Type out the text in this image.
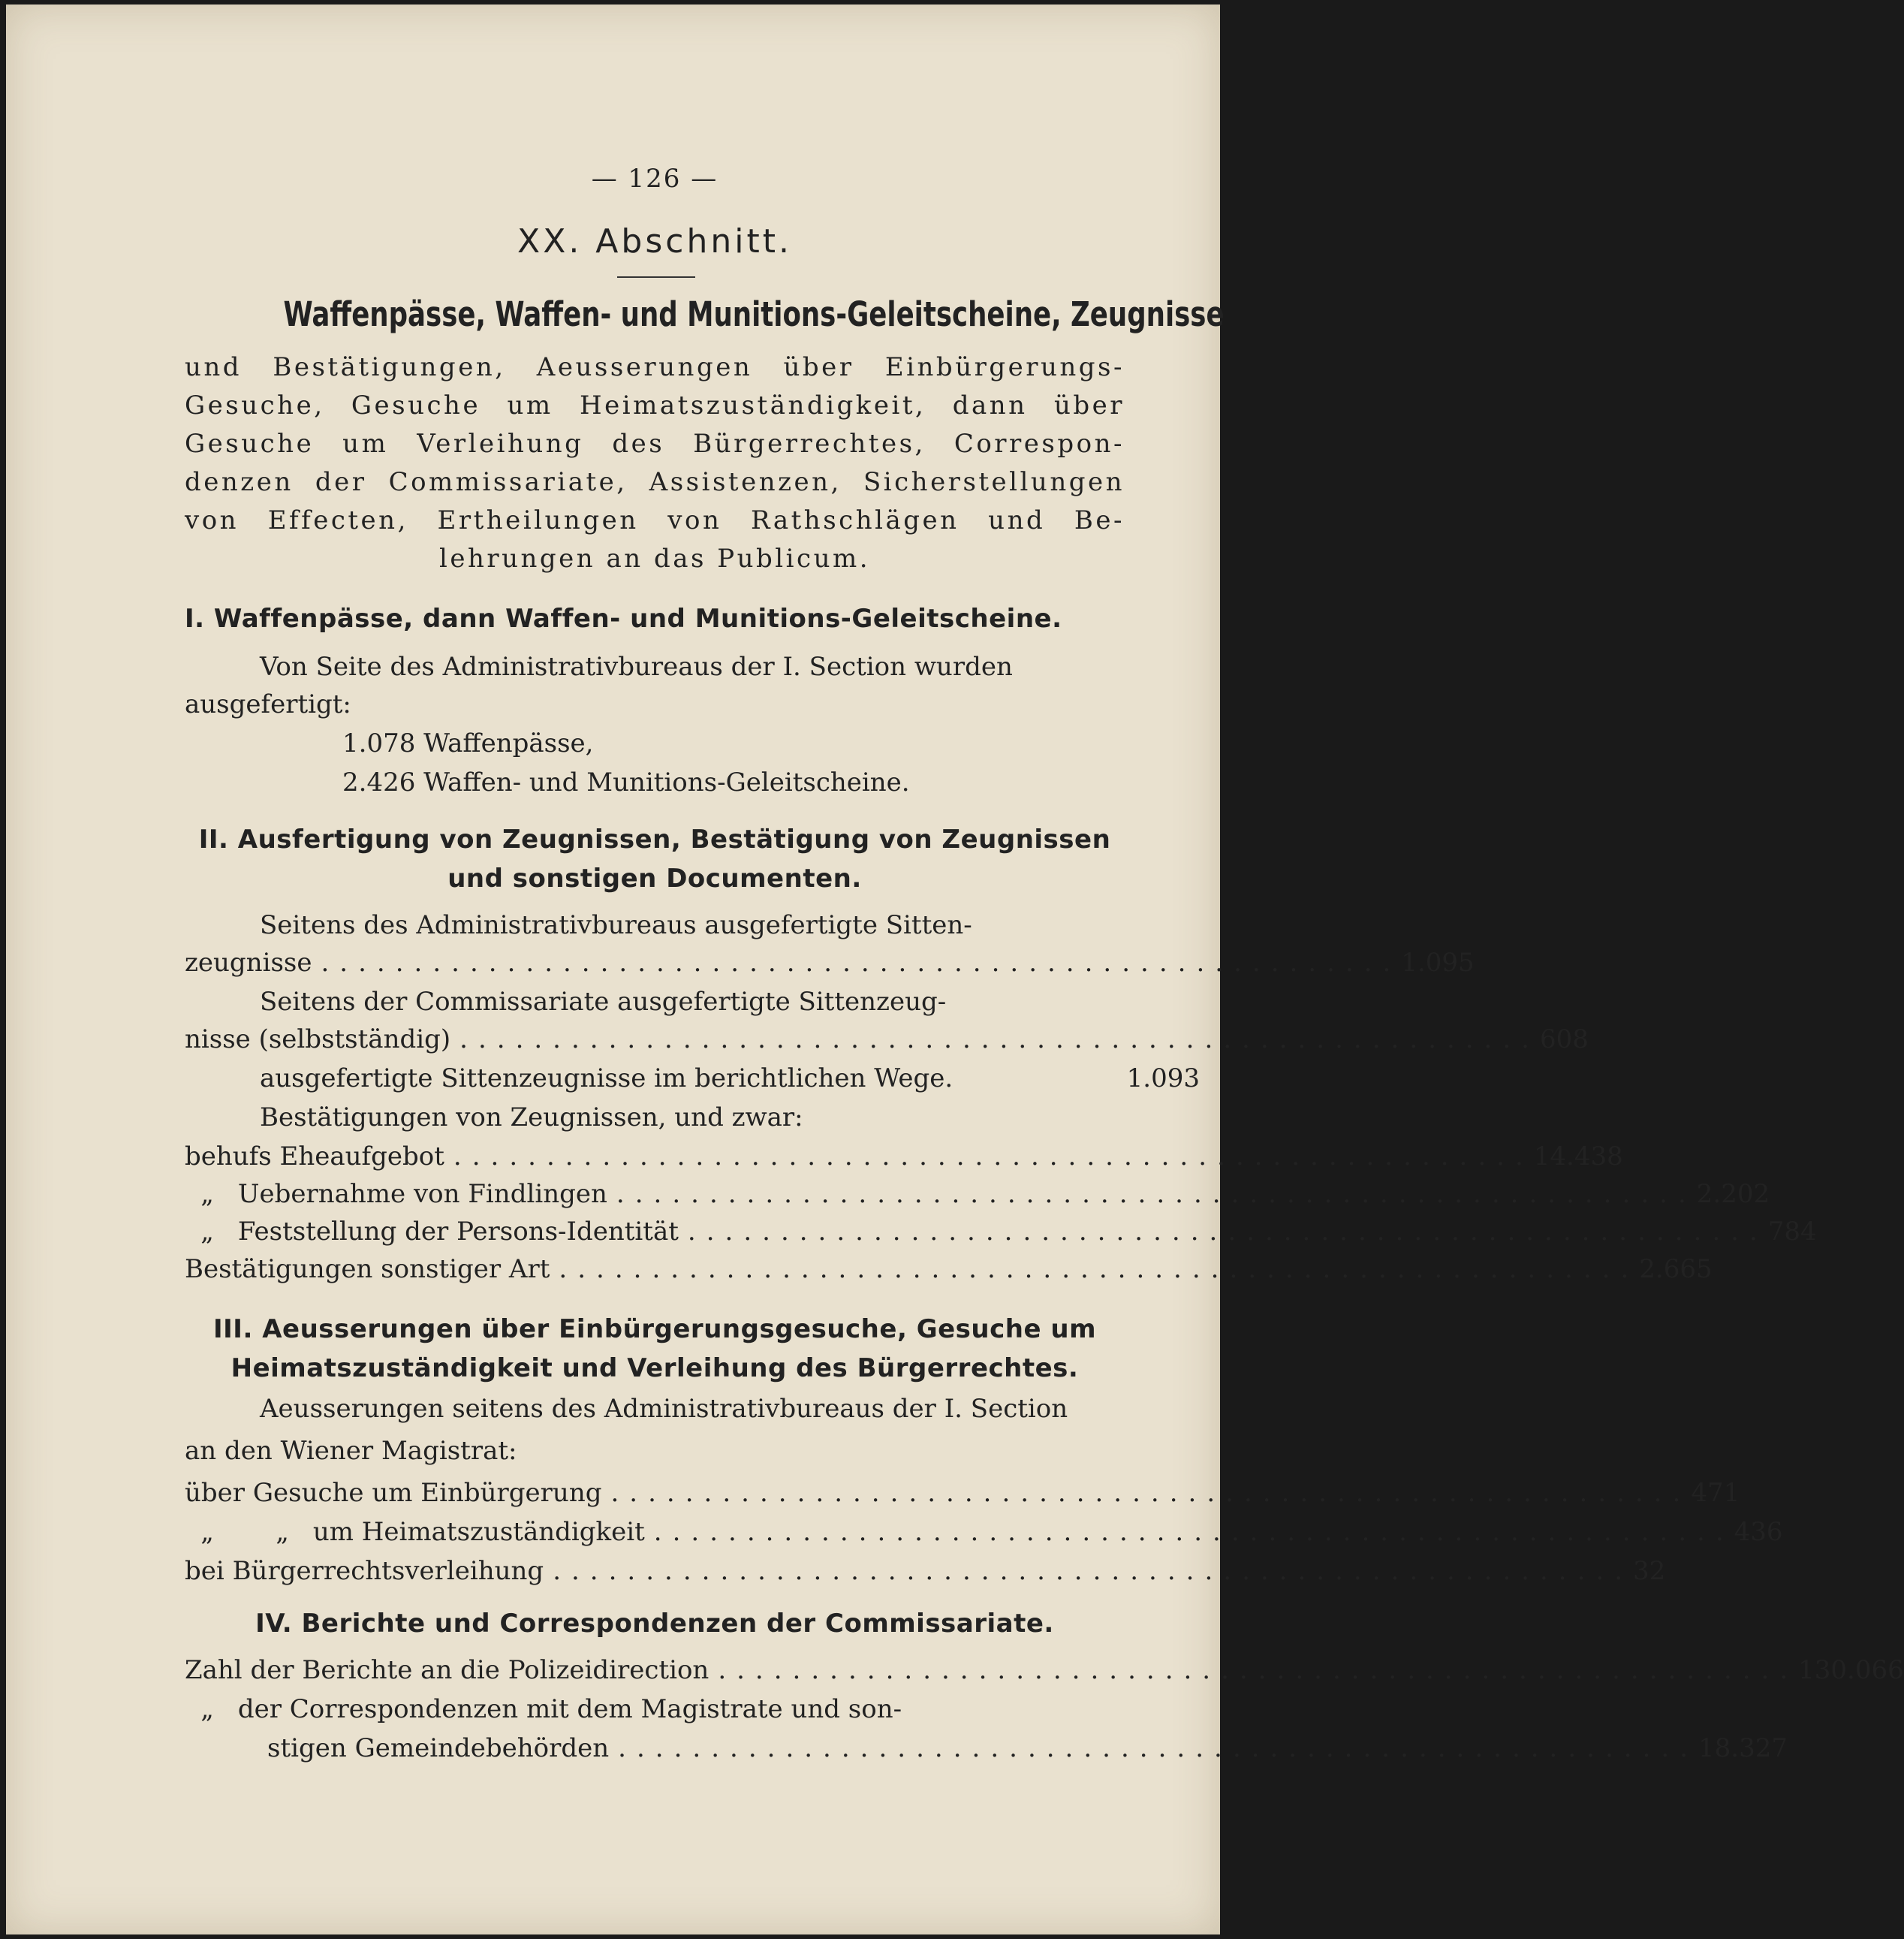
— 126 —
XX. Abschnitt.
Waffenpässe, Waffen- und Munitions-Geleitscheine, Zeugnisse
und Bestätigungen, Aeusserungen über Einbürgerungs-
Gesuche, Gesuche um Heimatszuständigkeit, dann über
Gesuche um Verleihung des Bürgerrechtes, Correspon-
denzen der Commissariate, Assistenzen, Sicherstellungen
von Effecten, Ertheilungen von Rathschlägen und Be-
lehrungen an das Publicum.
I. Waffenpässe, dann Waffen- und Munitions-Geleitscheine.
Von Seite des Administrativbureaus der I. Section wurden
ausgefertigt:
1.078 Waffenpässe,
2.426 Waffen- und Munitions-Geleitscheine.
II. Ausfertigung von Zeugnissen, Bestätigung von Zeugnissen
und sonstigen Documenten.
Seitens des Administrativbureaus ausgefertigte Sitten-
zeugnisse .......................................................... 1.095
Seitens der Commissariate ausgefertigte Sittenzeug-
nisse (selbstständig) .......................................................... 608
ausgefertigte Sittenzeugnisse im berichtlichen Wege.	1.093
Bestätigungen von Zeugnissen, und zwar:
behufs Eheaufgebot .......................................................... 14.438
„ Uebernahme von Findlingen .......................................................... 2.202
„ Feststellung der Persons-Identität .......................................................... 784
Bestätigungen sonstiger Art .......................................................... 2.665
III. Aeusserungen über Einbürgerungsgesuche, Gesuche um
Heimatszuständigkeit und Verleihung des Bürgerrechtes.
Aeusserungen seitens des Administrativbureaus der I. Section
an den Wiener Magistrat:
über Gesuche um Einbürgerung .......................................................... 471
„ „ um Heimatszuständigkeit .......................................................... 436
bei Bürgerrechtsverleihung .......................................................... 32
IV. Berichte und Correspondenzen der Commissariate.
Zahl der Berichte an die Polizeidirection .......................................................... 130.066
„ der Correspondenzen mit dem Magistrate und son-
stigen Gemeindebehörden .......................................................... 18.327
